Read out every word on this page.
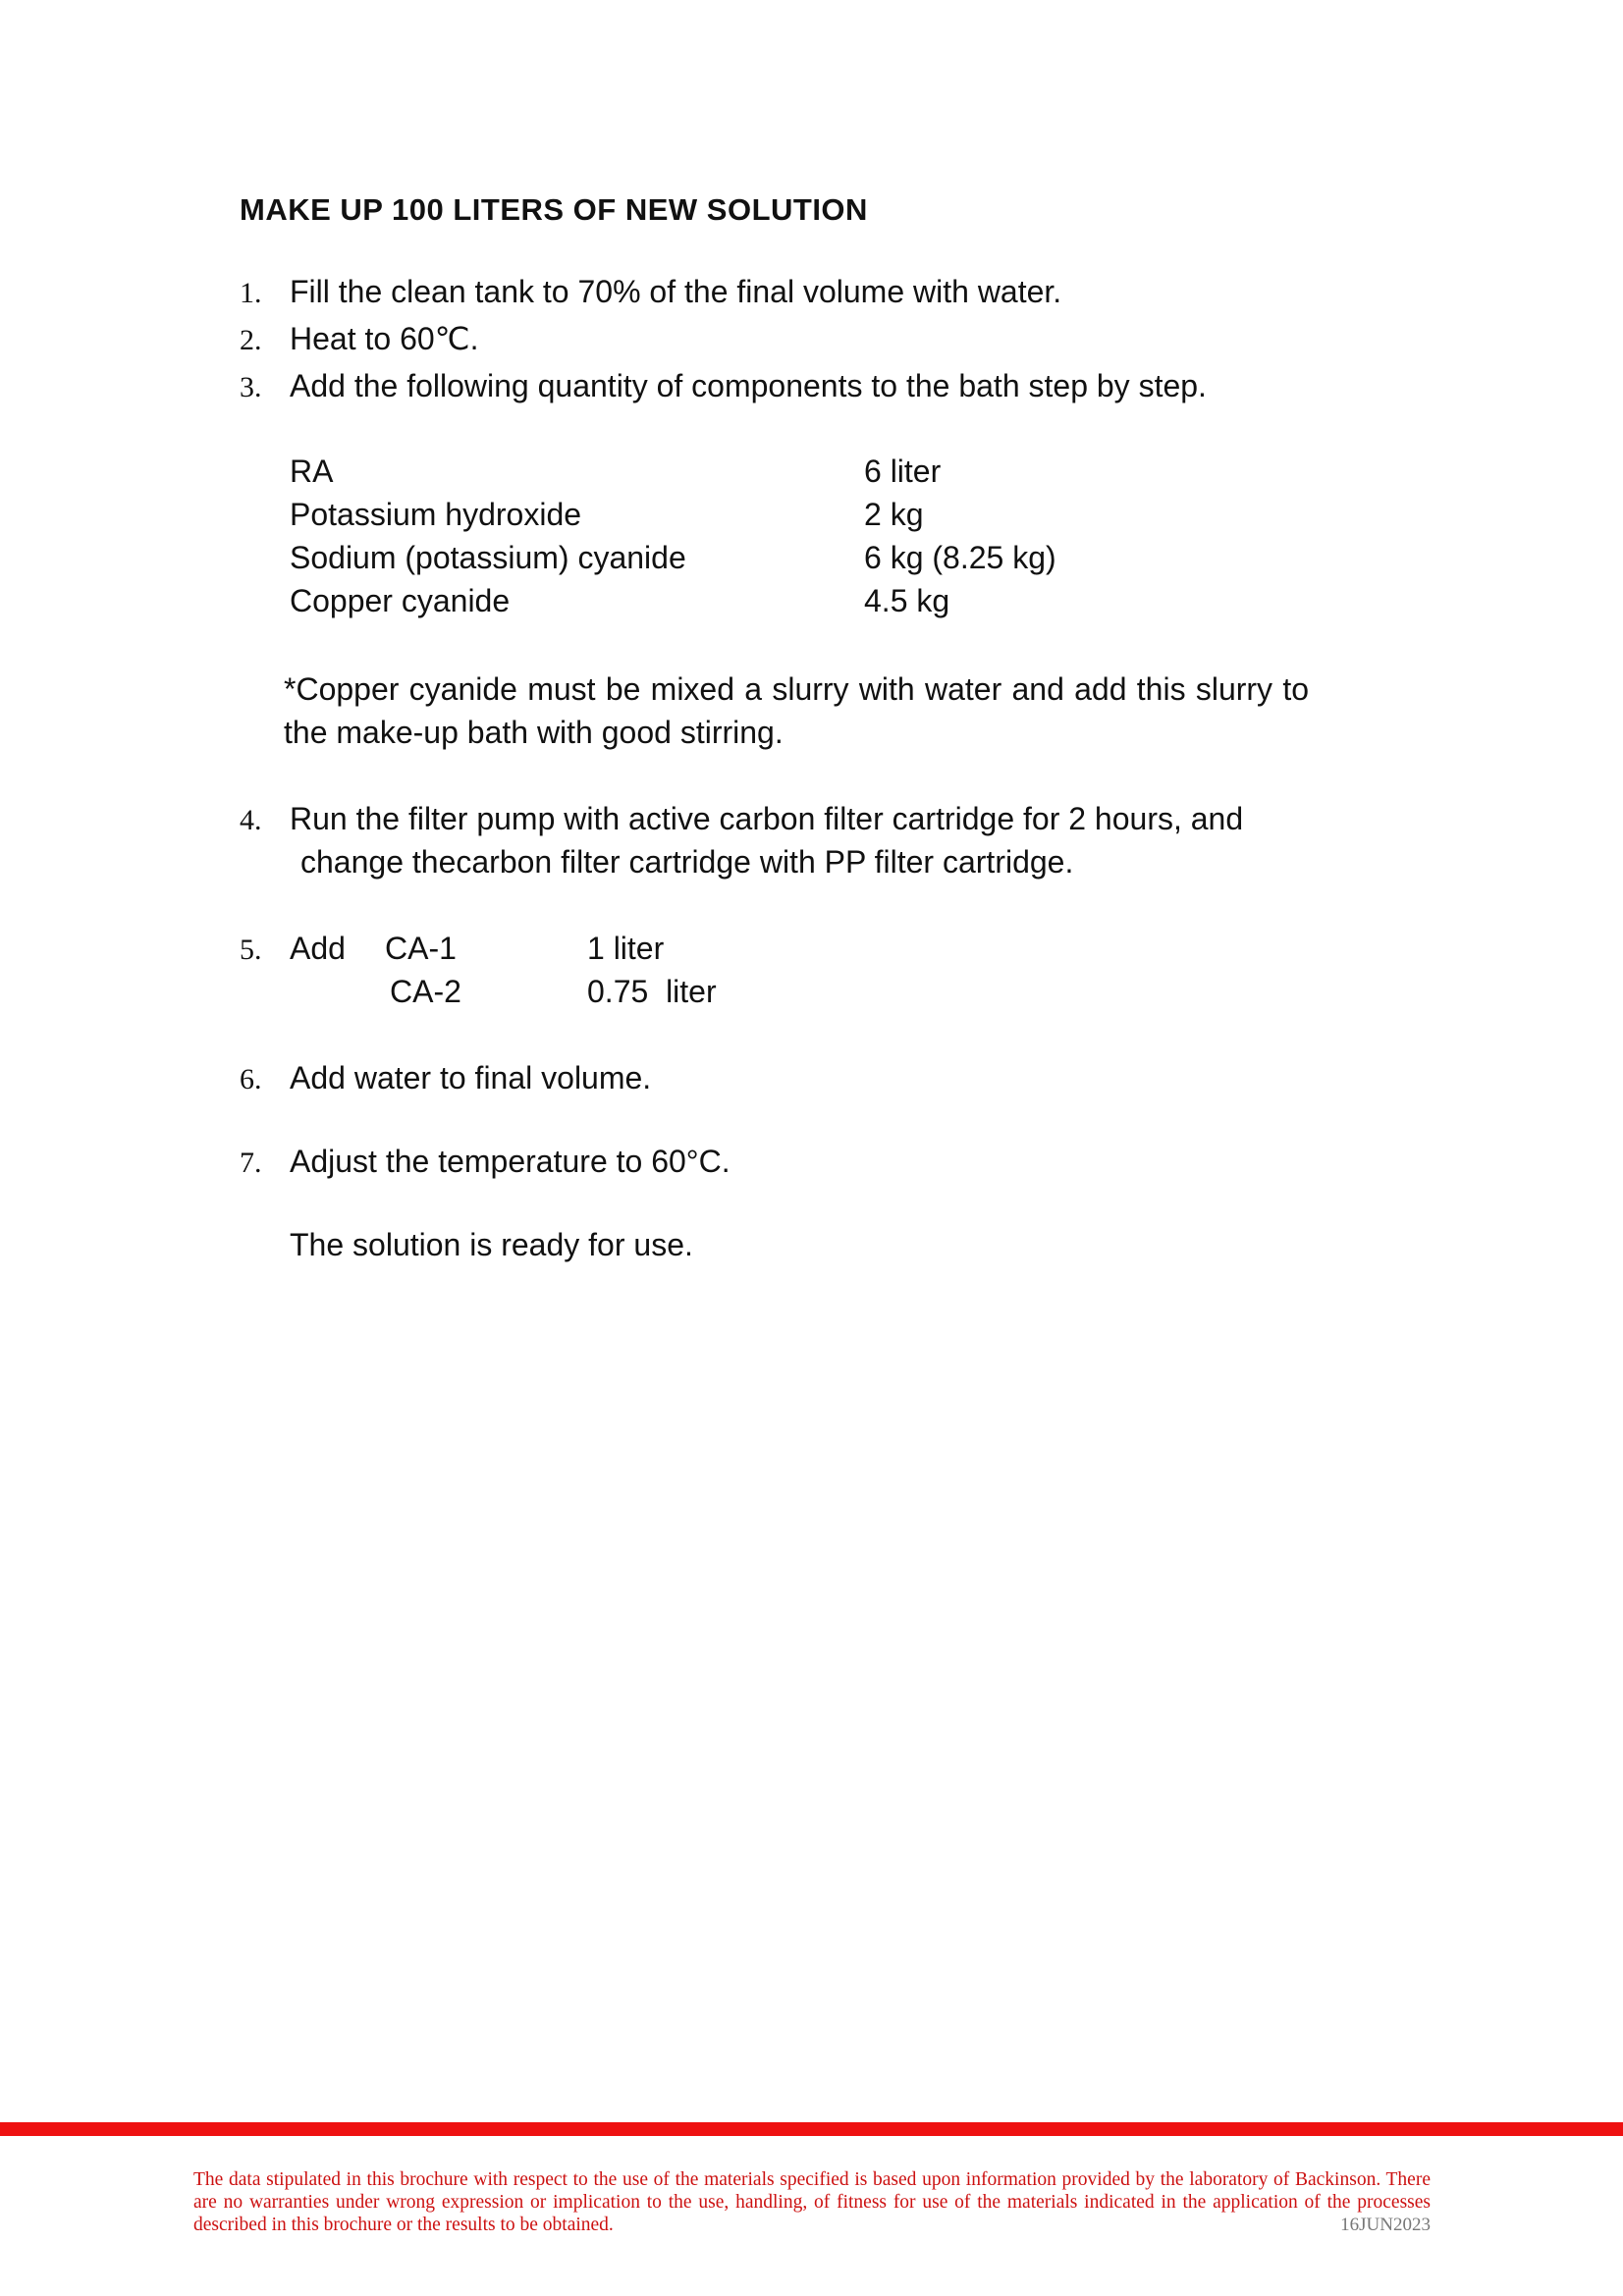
MAKE UP 100 LITERS OF NEW SOLUTION
1. Fill the clean tank to 70% of the final volume with water.
2. Heat to 60℃.
3. Add the following quantity of components to the bath step by step.
RA	6 liter
Potassium hydroxide	2 kg
Sodium (potassium) cyanide	6 kg (8.25 kg)
Copper cyanide	4.5 kg

*Copper cyanide must be mixed a slurry with water and add this slurry to the make-up bath with good stirring.

4. Run the filter pump with active carbon filter cartridge for 2 hours, and
change thecarbon filter cartridge with PP filter cartridge.
5. Add CA-1	1 liter
CA-2	0.75  liter
6. Add water to final volume.
7. Adjust the temperature to 60°C.
The solution is ready for use.

The data stipulated in this brochure with respect to the use of the materials specified is based upon information provided by the laboratory of Backinson. There are no warranties under wrong expression or implication to the use, handling, of fitness for use of the materials indicated in the application of the processes described in this brochure or the results to be obtained.	16JUN2023
